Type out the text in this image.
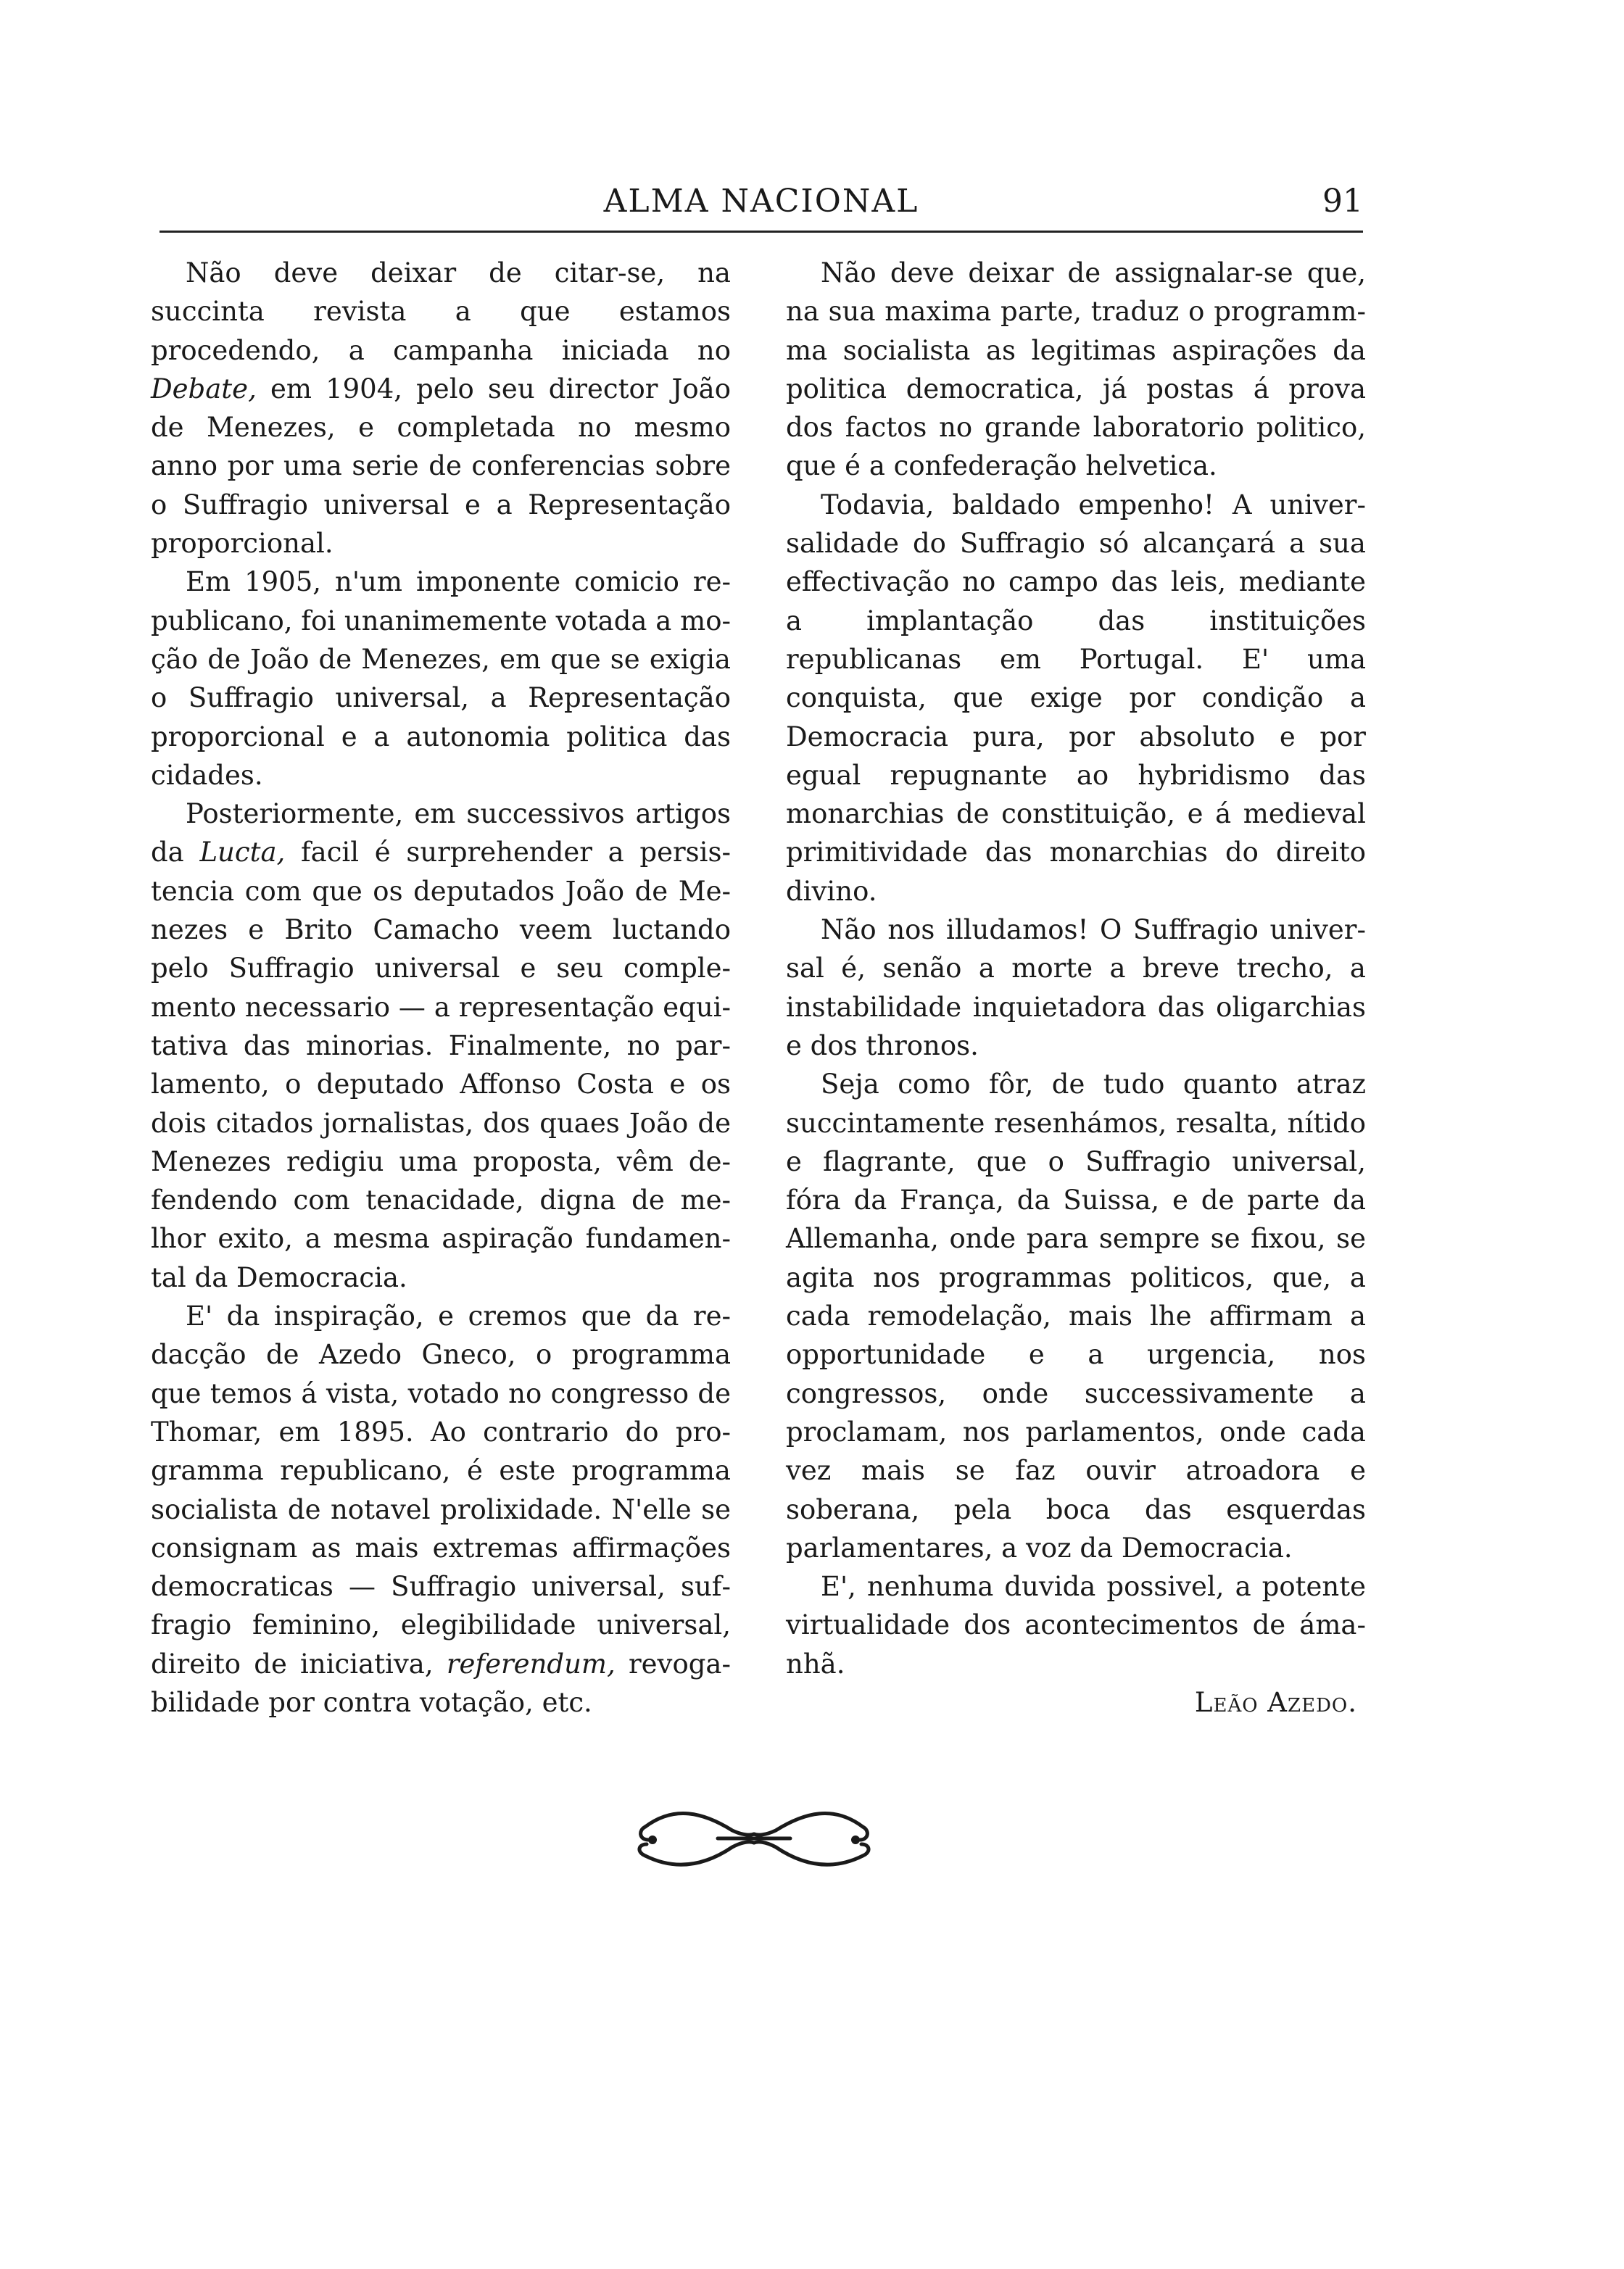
ALMA NACIONAL	91

Não deve deixar de citar-se, na succinta revista a que estamos procedendo, a campanha iniciada no Debate, em 1904, pelo seu director João de Menezes, e completada no mesmo anno por uma serie de conferencias sobre o Suffragio universal e a Representação proporcional.

Em 1905, n'um imponente comicio republicano, foi unanimemente votada a moção de João de Menezes, em que se exigia o Suffragio universal, a Representação proporcional e a autonomia politica das cidades.

Posteriormente, em successivos artigos da Lucta, facil é surprehender a persistencia com que os deputados João de Menezes e Brito Camacho veem luctando pelo Suffragio universal e seu complemento necessario — a representação equitativa das minorias. Finalmente, no parlamento, o deputado Affonso Costa e os dois citados jornalistas, dos quaes João de Menezes redigiu uma proposta, vêm defendendo com tenacidade, digna de melhor exito, a mesma aspiração fundamental da Democracia.

E' da inspiração, e cremos que da redacção de Azedo Gneco, o programma que temos á vista, votado no congresso de Thomar, em 1895. Ao contrario do programma republicano, é este programma socialista de notavel prolixidade. N'elle se consignam as mais extremas affirmações democraticas — Suffragio universal, suffragio feminino, elegibilidade universal, direito de iniciativa, referendum, revogabilidade por contra votação, etc.

Não deve deixar de assignalar-se que, na sua maxima parte, traduz o programmma socialista as legitimas aspirações da politica democratica, já postas á prova dos factos no grande laboratorio politico, que é a confederação helvetica.

Todavia, baldado empenho! A universalidade do Suffragio só alcançará a sua effectivação no campo das leis, mediante a implantação das instituições republicanas em Portugal. E' uma conquista, que exige por condição a Democracia pura, por absoluto e por egual repugnante ao hybridismo das monarchias de constituição, e á medieval primitividade das monarchias do direito divino.

Não nos illudamos! O Suffragio universal é, senão a morte a breve trecho, a instabilidade inquietadora das oligarchias e dos thronos.

Seja como fôr, de tudo quanto atraz succintamente resenhámos, resalta, nítido e flagrante, que o Suffragio universal, fóra da França, da Suissa, e de parte da Allemanha, onde para sempre se fixou, se agita nos programmas politicos, que, a cada remodelação, mais lhe affirmam a opportunidade e a urgencia, nos congressos, onde successivamente a proclamam, nos parlamentos, onde cada vez mais se faz ouvir atroadora e soberana, pela boca das esquerdas parlamentares, a voz da Democracia.

E', nenhuma duvida possivel, a potente virtualidade dos acontecimentos de ámanhã.

Leão Azedo.
